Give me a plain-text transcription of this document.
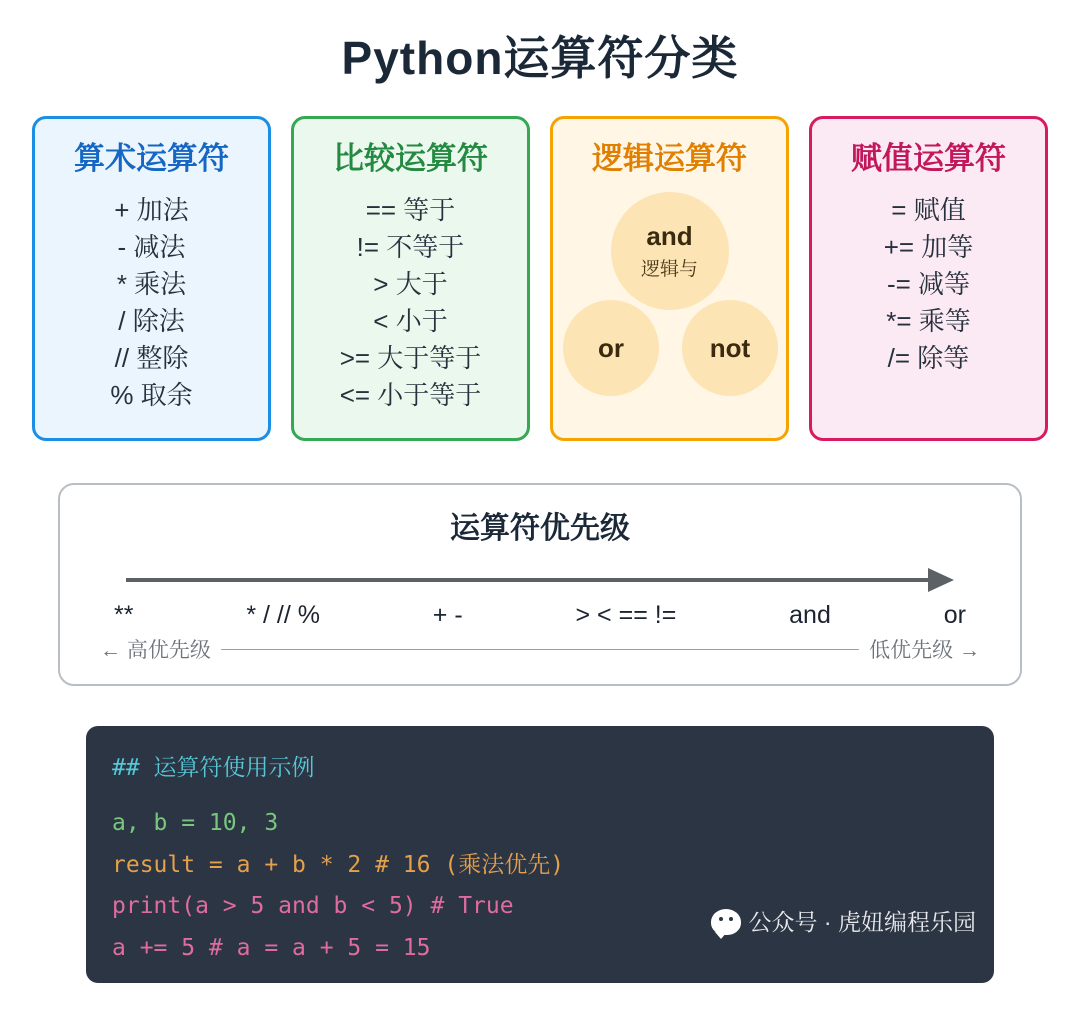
Python运算符分类
算术运算符
+ 加法
- 减法
* 乘法
/ 除法
// 整除
% 取余
比较运算符
== 等于
!= 不等于
> 大于
< 小于
>= 大于等于
<= 小于等于
逻辑运算符
and
逻辑与
or	not
赋值运算符
= 赋值
+= 加等
-= 减等
*= 乘等
/= 除等
运算符优先级
**	* / // %	+ -	> < == !=	and	or
← 高优先级	低优先级 →
## 运算符使用示例
a, b = 10, 3
result = a + b * 2 # 16 (乘法优先)
print(a > 5 and b < 5) # True
a += 5 # a = a + 5 = 15
公众号 · 虎妞编程乐园
